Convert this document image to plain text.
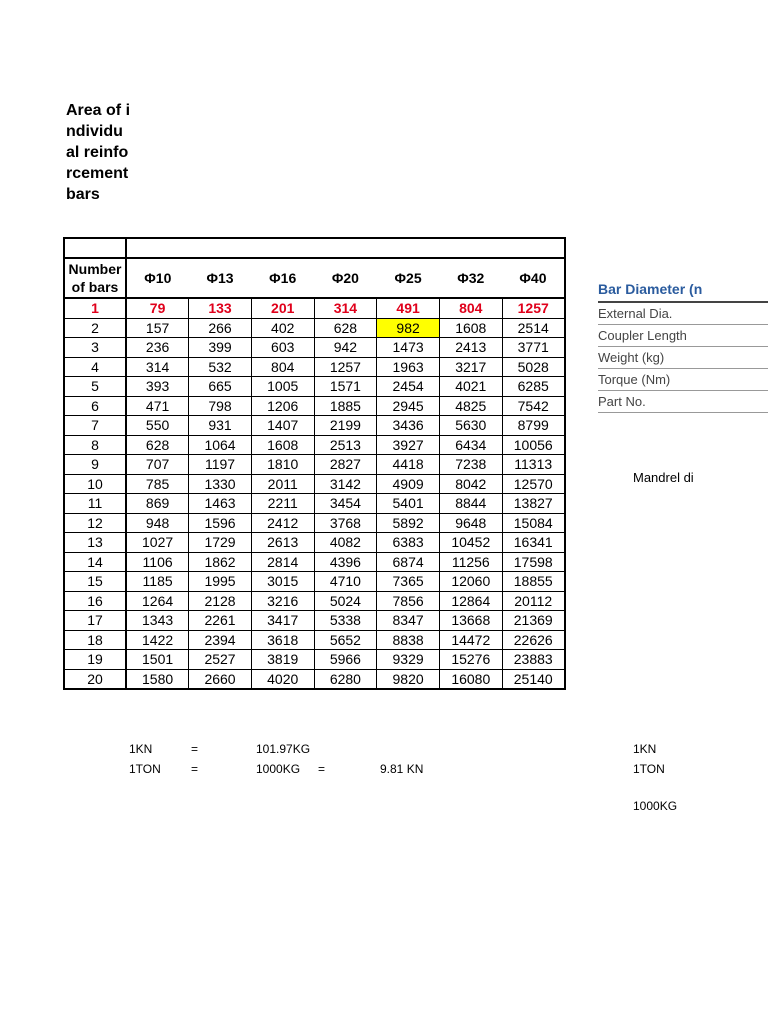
Area of individual reinforcement bars

Number of bars	Φ10	Φ13	Φ16	Φ20	Φ25	Φ32	Φ40
1	79	133	201	314	491	804	1257
2	157	266	402	628	982	1608	2514
3	236	399	603	942	1473	2413	3771
4	314	532	804	1257	1963	3217	5028
5	393	665	1005	1571	2454	4021	6285
6	471	798	1206	1885	2945	4825	7542
7	550	931	1407	2199	3436	5630	8799
8	628	1064	1608	2513	3927	6434	10056
9	707	1197	1810	2827	4418	7238	11313
10	785	1330	2011	3142	4909	8042	12570
11	869	1463	2211	3454	5401	8844	13827
12	948	1596	2412	3768	5892	9648	15084
13	1027	1729	2613	4082	6383	10452	16341
14	1106	1862	2814	4396	6874	11256	17598
15	1185	1995	3015	4710	7365	12060	18855
16	1264	2128	3216	5024	7856	12864	20112
17	1343	2261	3417	5338	8347	13668	21369
18	1422	2394	3618	5652	8838	14472	22626
19	1501	2527	3819	5966	9329	15276	23883
20	1580	2660	4020	6280	9820	16080	25140
Bar Diameter (n
External Dia.
Coupler Length
Weight (kg)
Torque (Nm)
Part No.
Mandrel di
1KN	=	101.97KG
1TON	=	1000KG =	9.81 KN
1KN
1TON
1000KG
